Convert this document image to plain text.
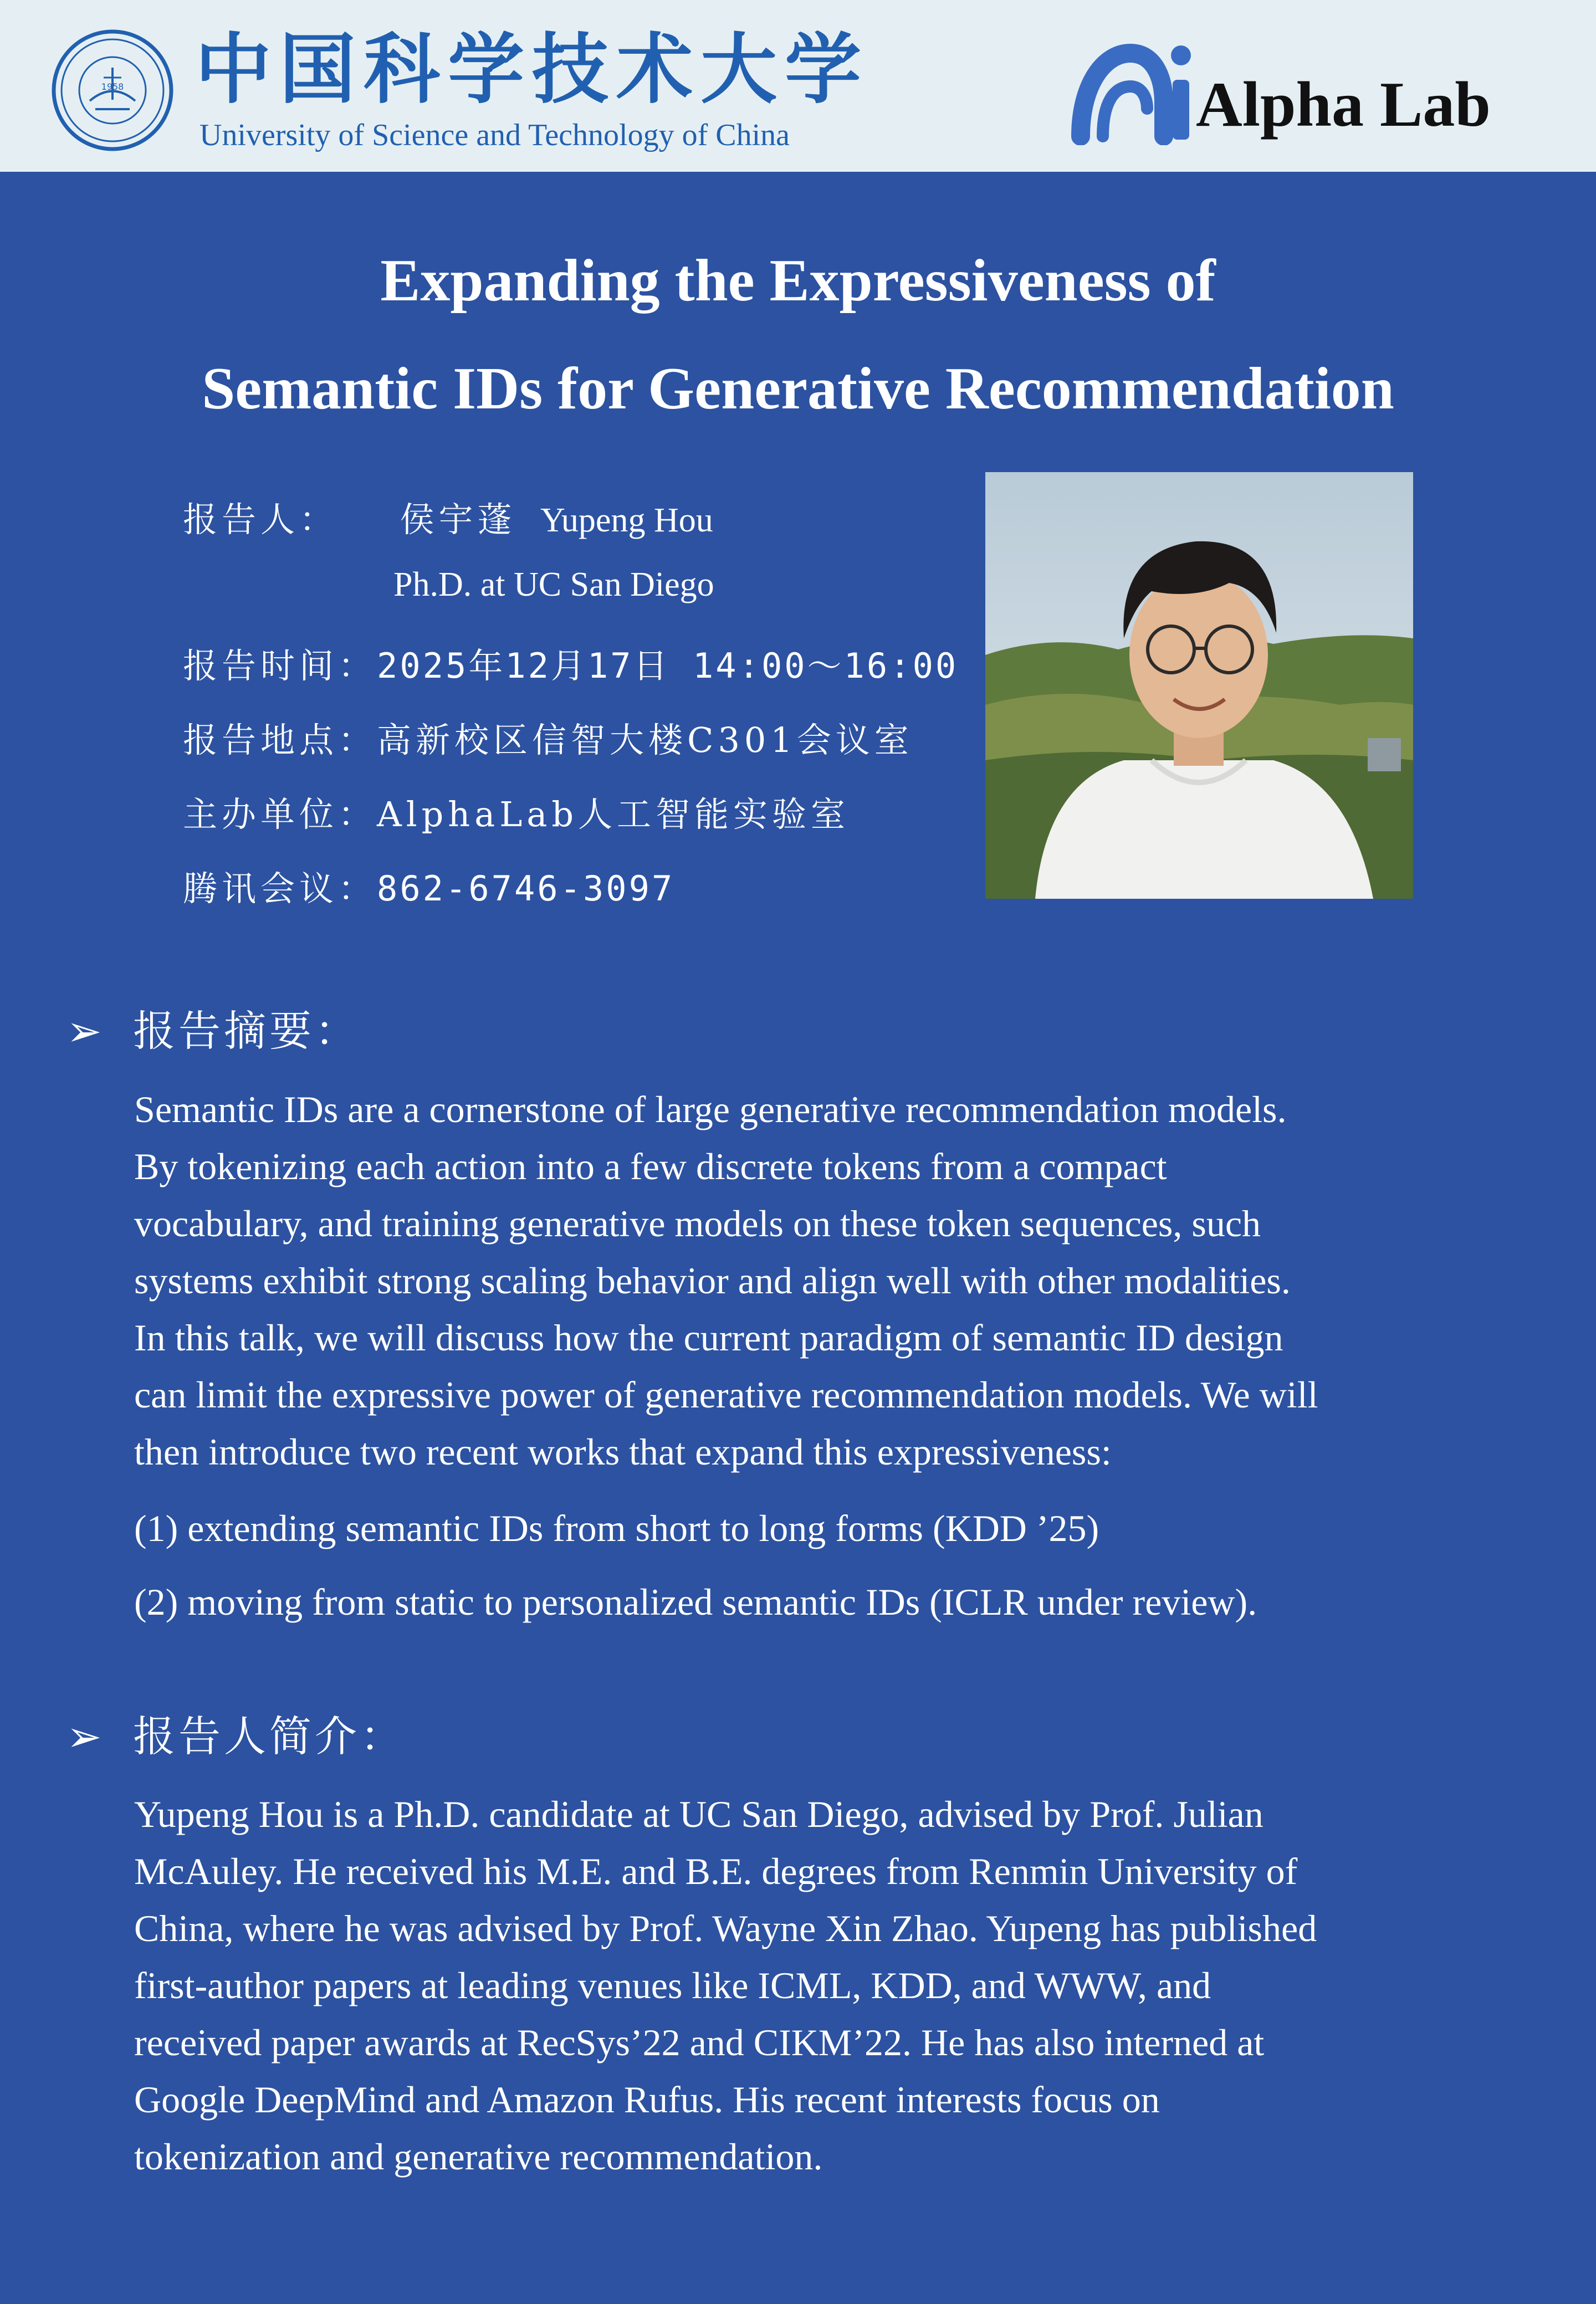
1958 中国科学技术大学
University of Science and Technology of China	Alpha Lab
Expanding the Expressiveness of
Semantic IDs for Generative Recommendation
报告人： 侯宇蓬 Yupeng Hou
Ph.D. at UC San Diego
报告时间：2025年12月17日 14:00～16:00
报告地点：高新校区信智大楼C301会议室
主办单位：AlphaLab人工智能实验室
腾讯会议：862-6746-3097
➢ 报告摘要：
Semantic IDs are a cornerstone of large generative recommendation models.
By tokenizing each action into a few discrete tokens from a compact
vocabulary, and training generative models on these token sequences, such
systems exhibit strong scaling behavior and align well with other modalities.
In this talk, we will discuss how the current paradigm of semantic ID design
can limit the expressive power of generative recommendation models. We will
then introduce two recent works that expand this expressiveness:
(1) extending semantic IDs from short to long forms (KDD ’25)
(2) moving from static to personalized semantic IDs (ICLR under review).
➢ 报告人简介：
Yupeng Hou is a Ph.D. candidate at UC San Diego, advised by Prof. Julian
McAuley. He received his M.E. and B.E. degrees from Renmin University of
China, where he was advised by Prof. Wayne Xin Zhao. Yupeng has published
first-author papers at leading venues like ICML, KDD, and WWW, and
received paper awards at RecSys’22 and CIKM’22. He has also interned at
Google DeepMind and Amazon Rufus. His recent interests focus on
tokenization and generative recommendation.
